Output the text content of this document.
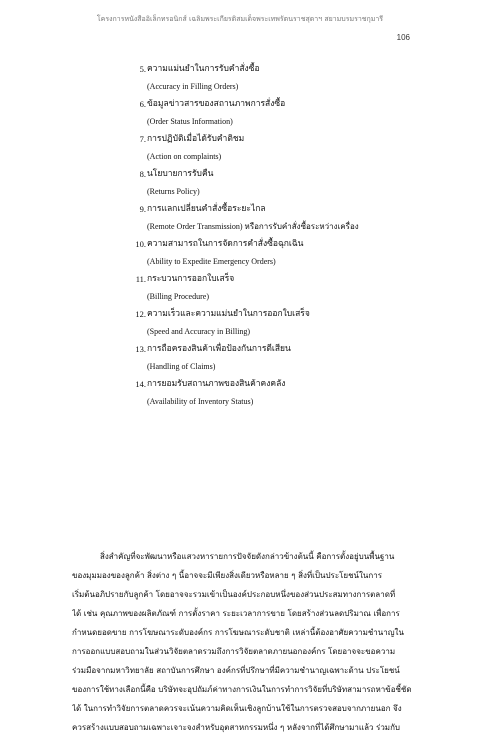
โครงการหนังสืออิเล็กทรอนิกส์ เฉลิมพระเกียรติสมเด็จพระเทพรัตนราชสุดาฯ สยามบรมราชกุมารี
106
5. ความแม่นยำในการรับคำสั่งซื้อ
(Accuracy in Filling Orders)
6. ข้อมูลข่าวสารของสถานภาพการสั่งซื้อ
(Order Status Information)
7. การปฏิบัติเมื่อได้รับคำติชม
(Action on complaints)
8. นโยบายการรับคืน
(Returns Policy)
9. การแลกเปลี่ยนคำสั่งซื้อระยะไกล
(Remote Order Transmission) หรือการรับคำสั่งซื้อระหว่างเครื่อง
10. ความสามารถในการจัดการคำสั่งซื้อฉุกเฉิน
(Ability to Expedite Emergency Orders)
11. กระบวนการออกใบเสร็จ
(Billing Procedure)
12. ความเร็วและความแม่นยำในการออกใบเสร็จ
(Speed and Accuracy in Billing)
13. การถือครองสินค้าเพื่อป้องกันการตีเสียน
(Handling of Claims)
14. การยอมรับสถานภาพของสินค้าคงคลัง
(Availability of Inventory Status)

สิ่งสำคัญที่จะพัฒนาหรือแสวงหารายการปัจจัยดังกล่าวข้างต้นนี้ คือการตั้งอยู่บนพื้นฐาน
ของมุมมองของลูกค้า สิ่งต่าง ๆ นี้อาจจะมีเพียงสิ่งเดียวหรือหลาย ๆ สิ่งที่เป็นประโยชน์ในการ
เริ่มต้นอภิปรายกับลูกค้า โดยอาจจะรวมเข้าเป็นองค์ประกอบหนึ่งของส่วนประสมทางการตลาดที่
ได้ เช่น คุณภาพของผลิตภัณฑ์ การตั้งราคา ระยะเวลาการขาย โดยสร้างส่วนลดปริมาณ เพื่อการ
กำหนดยอดขาย การโฆษณาระดับองค์กร การโฆษณาระดับชาติ เหล่านี้ต้องอาศัยความชำนาญใน
การออกแบบสอบถามในส่วนวิจัยตลาดรวมถึงการวิจัยตลาดภายนอกองค์กร โดยอาจจะขอความ
ร่วมมือจากมหาวิทยาลัย สถาบันการศึกษา องค์กรที่ปรึกษาที่มีความชำนาญเฉพาะด้าน ประโยชน์
ของการใช้ทางเลือกนี้คือ บริษัทจะอุปถัมภ์ค่าทางการเงินในการทำการวิจัยที่บริษัทสามารถหาข้อชี้ชัด
ได้ ในการทำวิจัยการตลาดควรจะเน้นความคิดเห็นเชิงลูกบ้านใช้ในการตรวจสอบจากภายนอก จึง
ควรสร้างแบบสอบถามเฉพาะเจาะจงสำหรับอุตสาหกรรมหนึ่ง ๆ หลังจากที่ได้ศึกษามาแล้ว ร่วมกับ
